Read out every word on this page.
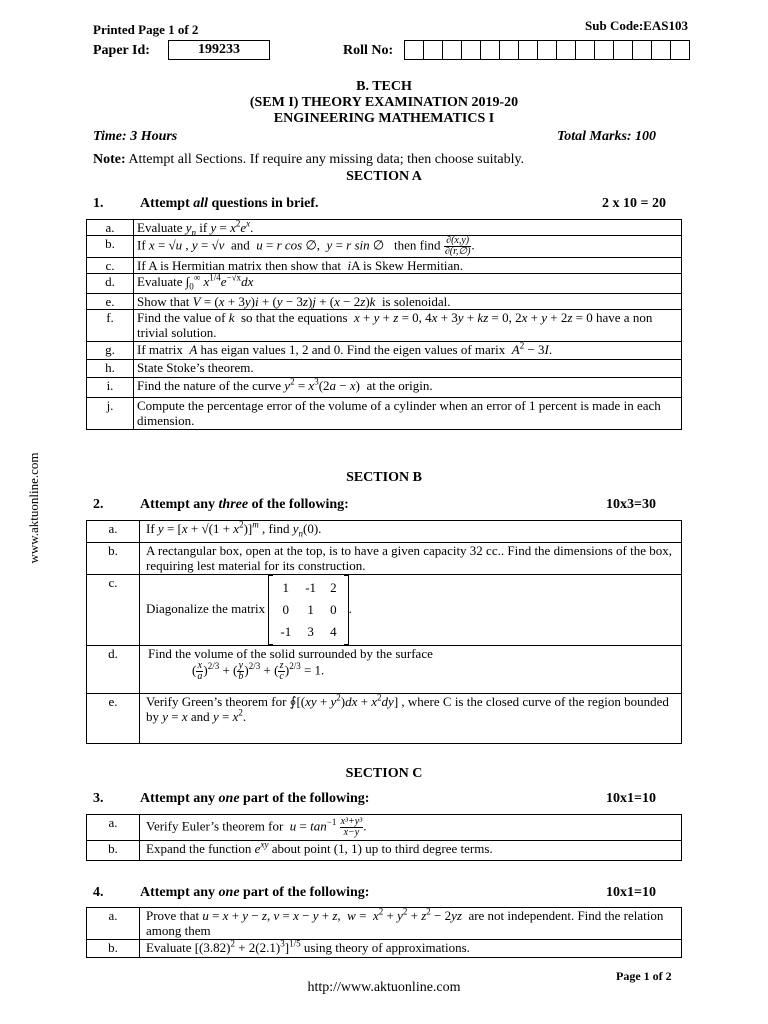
Printed Page 1 of 2	Sub Code:EAS103
Paper Id:	199233	Roll No:
B. TECH
(SEM I) THEORY EXAMINATION 2019-20
ENGINEERING MATHEMATICS I
Time: 3 Hours	Total Marks: 100
Note: Attempt all Sections. If require any missing data; then choose suitably.
SECTION A
www.aktuonline.com
1.	Attempt all questions in brief.	2 x 10 = 20
a.	Evaluate $y_n$ if $y = x^2e^x$.
b.	If x = √u , y = √v  and  u = r cos ∅,  y = r sin ∅   then find $\frac{\partial(x,y)}{\partial(r,\emptyset)}$ .
c.	If A is Hermitian matrix then show that  iA is Skew Hermitian.
d.	Evaluate $\int_0^\infty$ $x^{1/4}e^{-√x}dx$
e.	Show that V = (x + 3y)i + (y − 3z)j + (x − 2z)k  is solenoidal.
f.	Find the value of k  so that the equations  x + y + z = 0, 4x + 3y + kz = 0, 2x + y + 2z = 0 have a non trivial solution.
g.	If matrix  A has eigan values 1, 2 and 0. Find the eigen values of marix  $A^2 - 3I$.
h.	State Stoke’s theorem.
i.	Find the nature of the curve $y^2 = x^3(2a - x)$  at the origin.
j.	Compute the percentage error of the volume of a cylinder when an error of 1 percent is made in each dimension.
SECTION B
2.	Attempt any three of the following:	10x3=30
a.	If $y = [x + √(1 + x^2)]^m$ , find $y_n(0)$.
b.	A rectangular box, open at the top, is to have a given capacity 32 cc.. Find the dimensions of the box, requiring lest material for its construction.
c.	Diagonalize the matrix
1	-1	2
0	1	0
-1	3	4
.
d.	Find the volume of the solid surrounded by the surface
( $\frac{x}{a} )^{2/3}$ + ( $\frac{y}{b} )^{2/3}$ + ( $\frac{z}{c} )^{2/3} = 1$.
e.	Verify Green’s theorem for ∮[(xy + $y^2)dx + x^2dy$] , where C is the closed curve of the region bounded by y = x and $y = x^2$.
SECTION C
3.	Attempt any one part of the following:	10x1=10
a.	Verify Euler’s theorem for  $u = \tan^{-1} \frac{\text{x³+y³}}{x-y}$ .
b.	Expand the function $e^{xy}$ about point (1, 1) up to third degree terms.
4.	Attempt any one part of the following:	10x1=10
a.	Prove that u = x + y − z, v = x − y + z,  $w = x^2 + y^2 + z^2 - 2yz$  are not independent. Find the relation among them
b.	Evaluate $[(3.82)^2 + 2(2.1)^3]^{1/5}$ using theory of approximations.
Page 1 of 2
http://www.aktuonline.com
